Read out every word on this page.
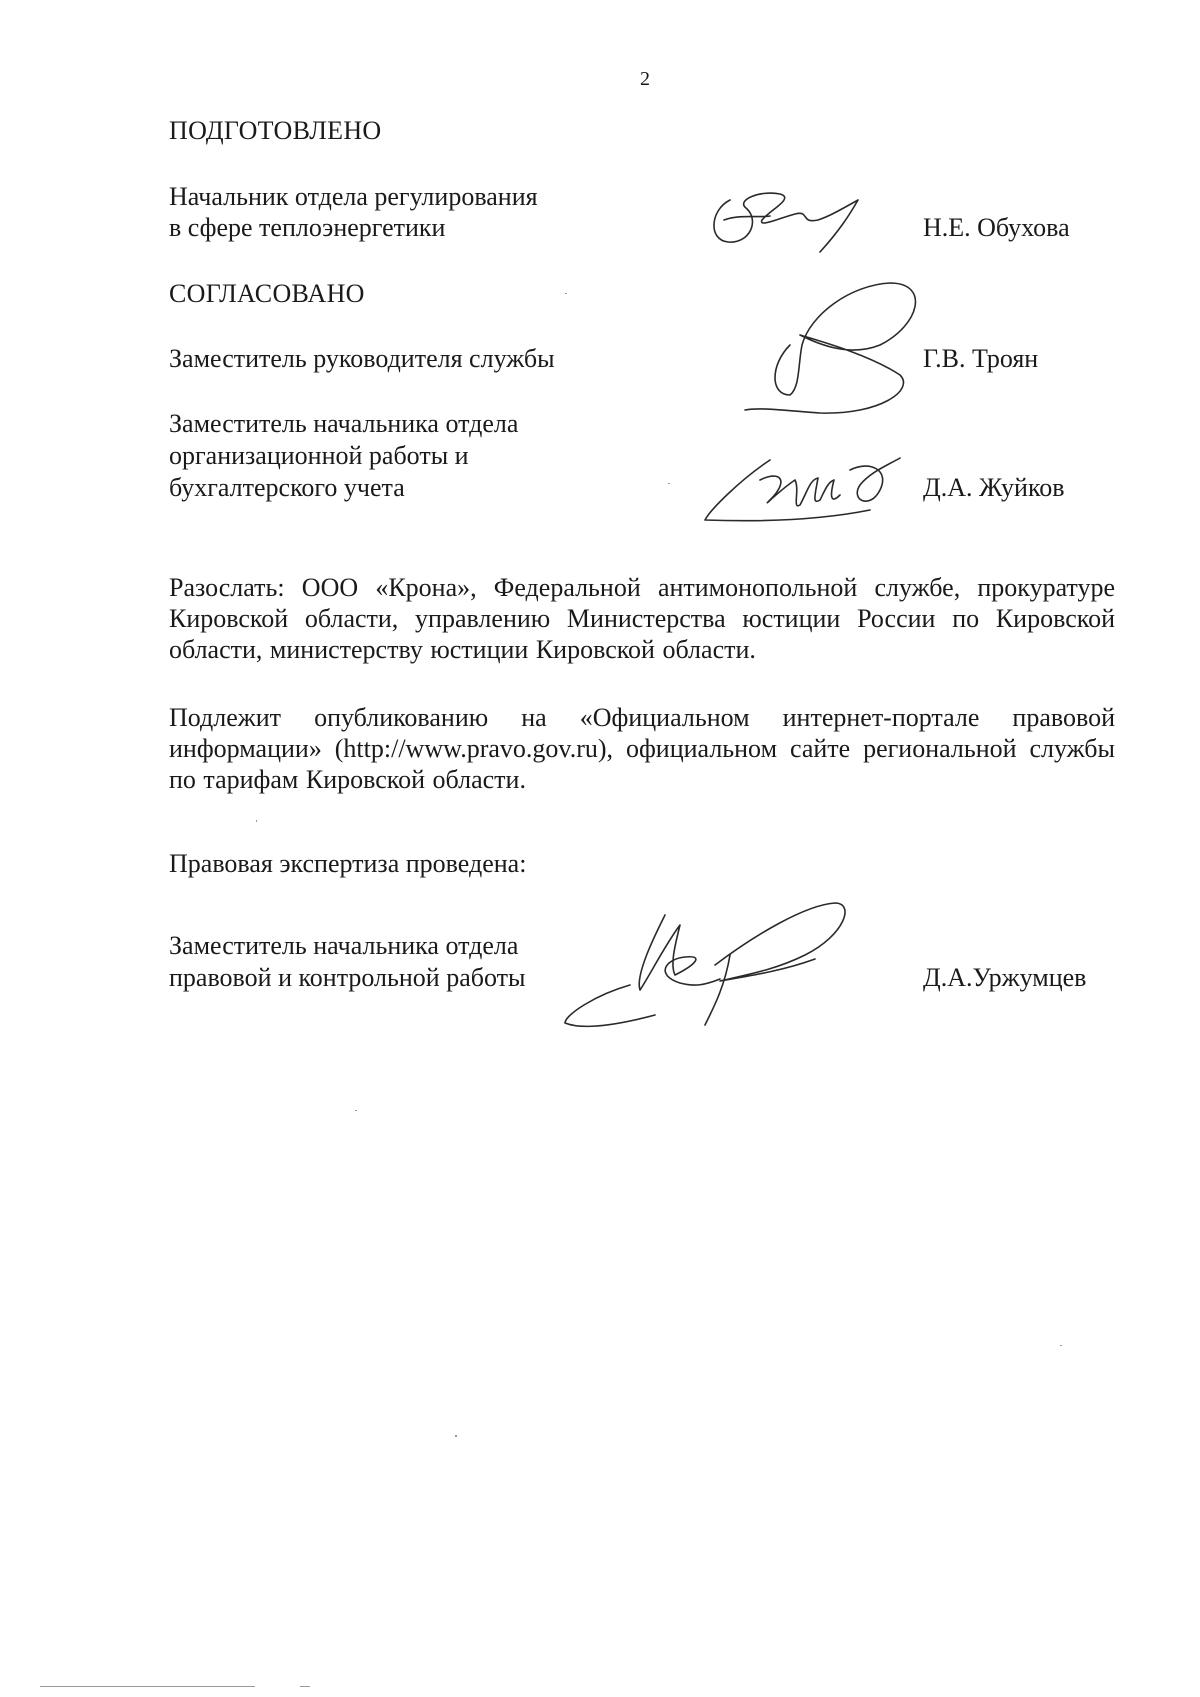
2
ПОДГОТОВЛЕНО
Начальник отдела регулирования
в сфере теплоэнергетики	Н.Е. Обухова
СОГЛАСОВАНО
Заместитель руководителя службы	Г.В. Троян
Заместитель начальника отдела
организационной работы и
бухгалтерского учета	Д.А. Жуйков
Разослать: ООО «Крона», Федеральной антимонопольной службе, прокуратуре Кировской области, управлению Министерства юстиции России по Кировской области, министерству юстиции Кировской области.
Подлежит опубликованию на «Официальном интернет-портале правовой информации» (http://www.pravo.gov.ru), официальном сайте региональной службы по тарифам Кировской области.
Правовая экспертиза проведена:
Заместитель начальника отдела
правовой и контрольной работы	Д.А.Уржумцев
